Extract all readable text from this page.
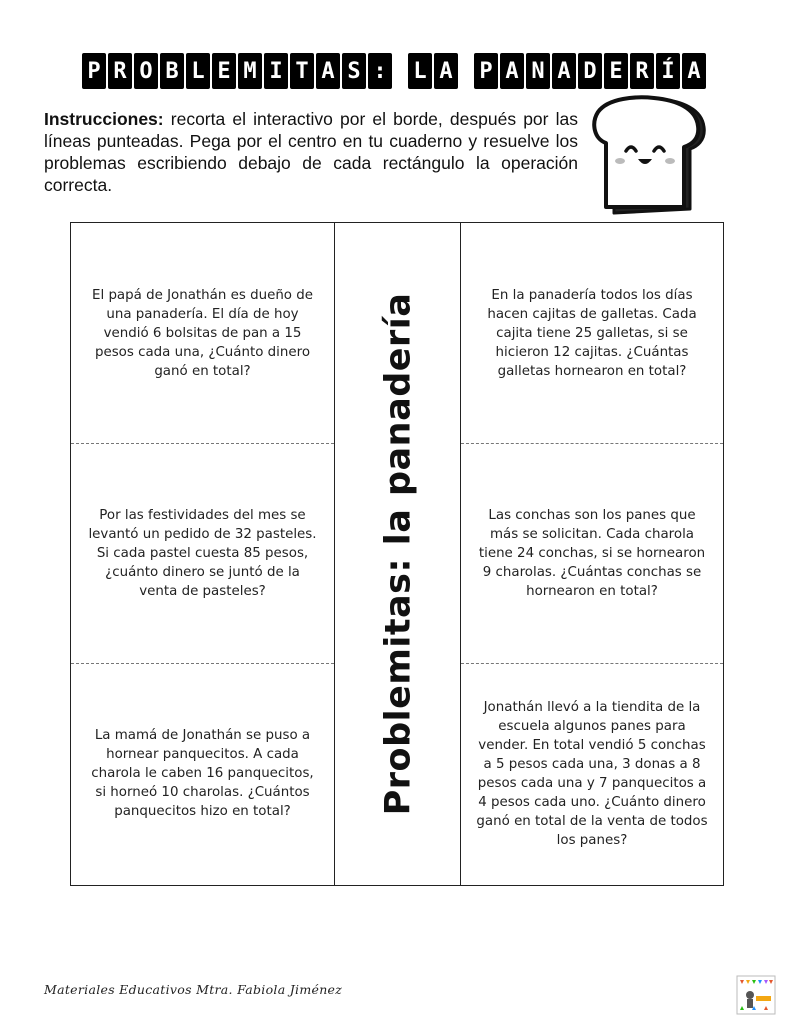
P R O B L E M I T A S : L A P A N A D E R Í A
Instrucciones: recorta el interactivo por el borde, después por las líneas punteadas. Pega por el centro en tu cuaderno y resuelve los problemas escribiendo debajo de cada rectángulo la operación correcta.
El papá de Jonathán es dueño de una panadería. El día de hoy vendió 6 bolsitas de pan a 15 pesos cada una, ¿Cuánto dinero ganó en total?
Por las festividades del mes se levantó un pedido de 32 pasteles. Si cada pastel cuesta 85 pesos, ¿cuánto dinero se juntó de la venta de pasteles?
La mamá de Jonathán se puso a hornear panquecitos. A cada charola le caben 16 panquecitos, si horneó 10 charolas. ¿Cuántos panquecitos hizo en total?
En la panadería todos los días hacen cajitas de galletas. Cada cajita tiene 25 galletas, si se hicieron 12 cajitas. ¿Cuántas galletas hornearon en total?
Las conchas son los panes que más se solicitan. Cada charola tiene 24 conchas, si se hornearon 9 charolas. ¿Cuántas conchas se hornearon en total?
Jonathán llevó a la tiendita de la escuela algunos panes para vender. En total vendió 5 conchas a 5 pesos cada una, 3 donas a 8 pesos cada una y 7 panquecitos a 4 pesos cada uno. ¿Cuánto dinero ganó en total de la venta de todos los panes?
Problemitas: la panadería
Materiales Educativos Mtra. Fabiola Jiménez
